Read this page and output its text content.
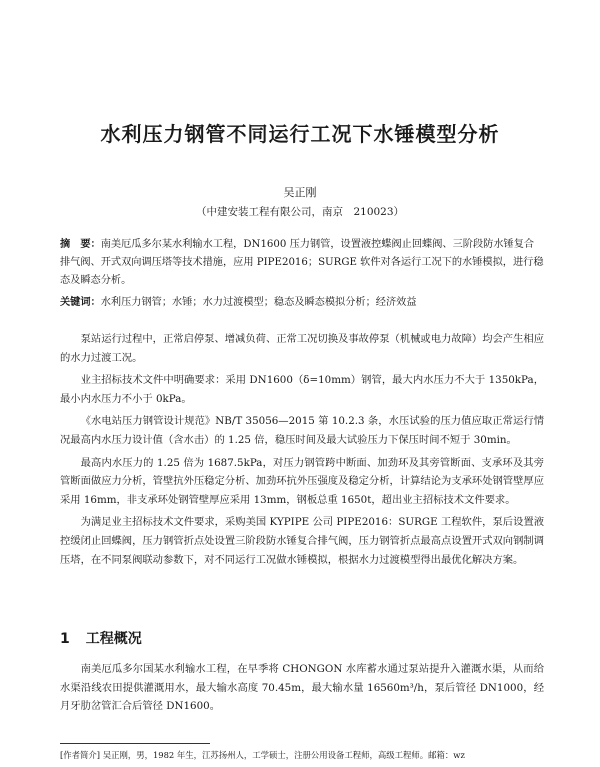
水利压力钢管不同运行工况下水锤模型分析
吴正刚
（中建安装工程有限公司，南京　210023）
摘　要：南美厄瓜多尔某水利输水工程，DN1600 压力钢管，设置液控蝶阀止回蝶阀、三阶段防水锤复合排气阀、开式双向调压塔等技术措施，应用 PIPE2016；SURGE 软件对各运行工况下的水锤模拟，进行稳态及瞬态分析。
关键词：水利压力钢管；水锤；水力过渡模型；稳态及瞬态模拟分析；经济效益

泵站运行过程中，正常启停泵、增减负荷、正常工况切换及事故停泵（机械或电力故障）均会产生相应的水力过渡工况。

业主招标技术文件中明确要求：采用 DN1600（δ=10mm）钢管，最大内水压力不大于 1350kPa，最小内水压力不小于 0kPa。

《水电站压力钢管设计规范》NB/T 35056—2015 第 10.2.3 条，水压试验的压力值应取正常运行情况最高内水压力设计值（含水击）的 1.25 倍，稳压时间及最大试验压力下保压时间不短于 30min。

最高内水压力的 1.25 倍为 1687.5kPa，对压力钢管跨中断面、加劲环及其旁管断面、支承环及其旁管断面做应力分析，管壁抗外压稳定分析、加劲环抗外压强度及稳定分析，计算结论为支承环处钢管壁厚应采用 16mm，非支承环处钢管壁厚应采用 13mm，钢板总重 1650t，超出业主招标技术文件要求。

为满足业主招标技术文件要求，采购美国 KYPIPE 公司 PIPE2016：SURGE 工程软件，泵后设置液控缓闭止回蝶阀，压力钢管折点处设置三阶段防水锤复合排气阀，压力钢管折点最高点设置开式双向钢制调压塔，在不同泵阀联动参数下，对不同运行工况做水锤模拟，根据水力过渡模型得出最优化解决方案。

1 工程概况

南美厄瓜多尔国某水利输水工程，在早季将 CHONGON 水库蓄水通过泵站提升入灌溉水渠，从而给水渠沿线农田提供灌溉用水，最大输水高度 70.45m，最大输水量 16560m³/h，泵后管径 DN1000，经月牙肋岔管汇合后管径 DN1600。

[作者简介] 吴正刚，男，1982 年生，江苏扬州人，工学硕士，注册公用设备工程师，高级工程师。邮箱：wz
